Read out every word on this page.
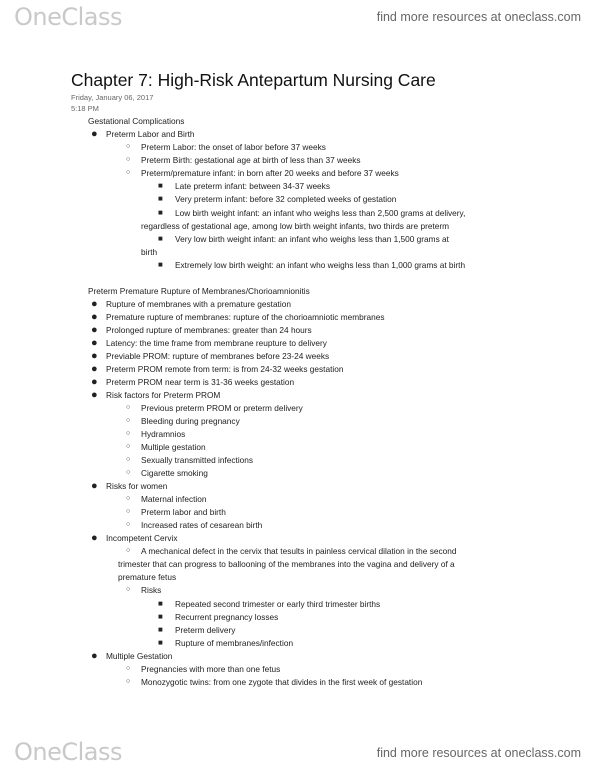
OneClass	find more resources at oneclass.com
Chapter 7: High-Risk Antepartum Nursing Care
Friday, January 06, 2017
5:18 PM
Gestational Complications
● Preterm Labor and Birth
○ Preterm Labor: the onset of labor before 37 weeks
○ Preterm Birth: gestational age at birth of less than 37 weeks
○ Preterm/premature infant: in born after 20 weeks and before 37 weeks
■ Late preterm infant: between 34-37 weeks
■ Very preterm infant: before 32 completed weeks of gestation
■ Low birth weight infant: an infant who weighs less than 2,500 grams at delivery,
regardless of gestational age, among low birth weight infants, two thirds are preterm
■ Very low birth weight infant: an infant who weighs less than 1,500 grams at
birth
■ Extremely low birth weight: an infant who weighs less than 1,000 grams at birth
Preterm Premature Rupture of Membranes/Chorioamnionitis
● Rupture of membranes with a premature gestation
● Premature rupture of membranes: rupture of the chorioamniotic membranes
● Prolonged rupture of membranes: greater than 24 hours
● Latency: the time frame from membrane reupture to delivery
● Previable PROM: rupture of membranes before 23-24 weeks
● Preterm PROM remote from term: is from 24-32 weeks gestation
● Preterm PROM near term is 31-36 weeks gestation
● Risk factors for Preterm PROM
○ Previous preterm PROM or preterm delivery
○ Bleeding during pregnancy
○ Hydramnios
○ Multiple gestation
○ Sexually transmitted infections
○ Cigarette smoking
● Risks for women
○ Maternal infection
○ Preterm labor and birth
○ Increased rates of cesarean birth
● Incompetent Cervix
○ A mechanical defect in the cervix that tesults in painless cervical dilation in the second
trimester that can progress to ballooning of the membranes into the vagina and delivery of a
premature fetus
○ Risks
■ Repeated second trimester or early third trimester births
■ Recurrent pregnancy losses
■ Preterm delivery
■ Rupture of membranes/infection
● Multiple Gestation
○ Pregnancies with more than one fetus
○ Monozygotic twins: from one zygote that divides in the first week of gestation
OneClass	find more resources at oneclass.com
